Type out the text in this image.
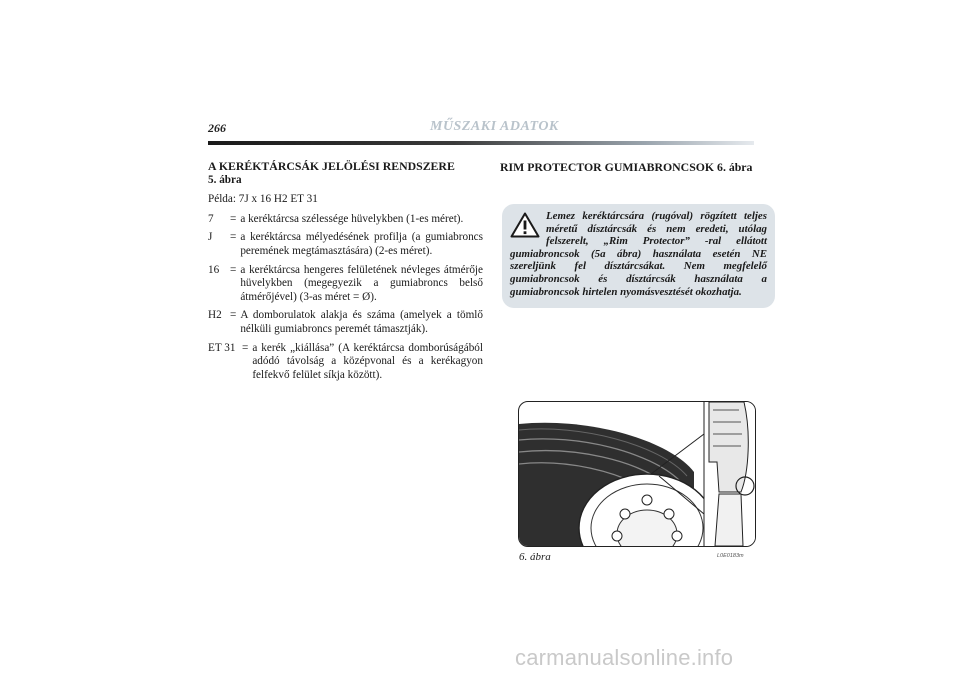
266	MŰSZAKI ADATOK

A KERÉKTÁRCSÁK JELÖLÉSI RENDSZERE

5. ábra

Példa: 7J x 16 H2 ET 31

7	= a keréktárcsa szélessége hüvelykben (1-es méret).
J	= a keréktárcsa mélyedésének profilja (a gumiabroncs peremének megtámasztására) (2-es méret).
16 = a keréktárcsa hengeres felületének névleges átmérője hüvelykben (megegyezik a gumiabroncs belső átmérőjével) (3-as méret = Ø).
H2 = A domborulatok alakja és száma (amelyek a tömlő nélküli gumiabroncs peremét támasztják).
ET 31 = a kerék „kiállása” (A keréktárcsa domborúságából adódó távolság a középvonal és a kerékagyon felfekvő felület síkja között).
RIM PROTECTOR GUMIABRONCSOK 6. ábra
Lemez keréktárcsára (rugóval) rögzített teljes méretű dísztárcsák és nem eredeti, utólag felszerelt, „Rim Protector” -ral ellátott gumiabroncsok (5a ábra) használata esetén NE szereljünk fel dísztárcsákat. Nem megfelelő gumiabroncsok és dísztárcsák használata a gumiabroncsok hirtelen nyomásvesztését okozhatja.
6. ábra	L0E0183m
carmanualsonline.info
